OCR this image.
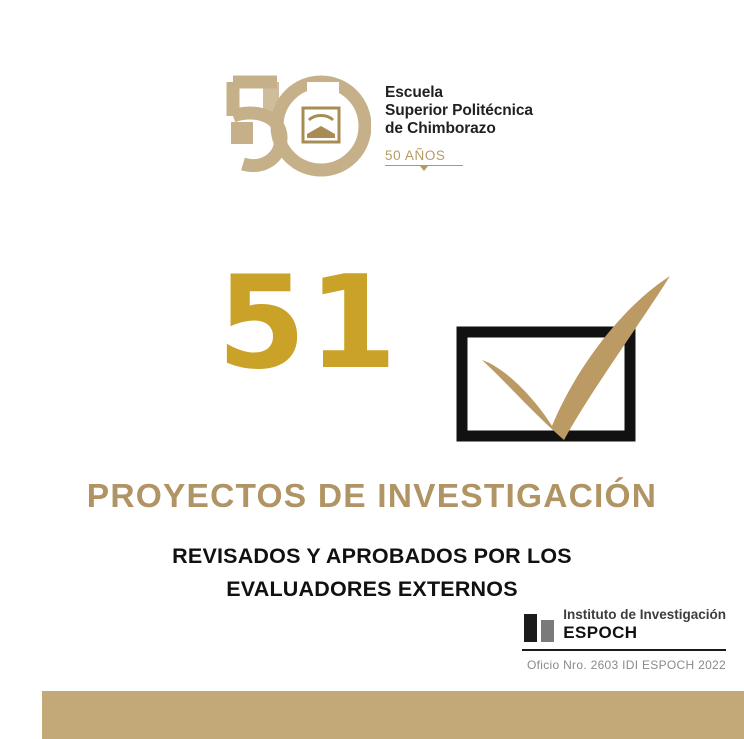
Escuela
Superior Politécnica
de Chimborazo
50 AÑOS
51
PROYECTOS DE INVESTIGACIÓN
REVISADOS Y APROBADOS POR LOS
EVALUADORES EXTERNOS
Instituto de Investigación
ESPOCH
Oficio Nro. 2603 IDI ESPOCH 2022
